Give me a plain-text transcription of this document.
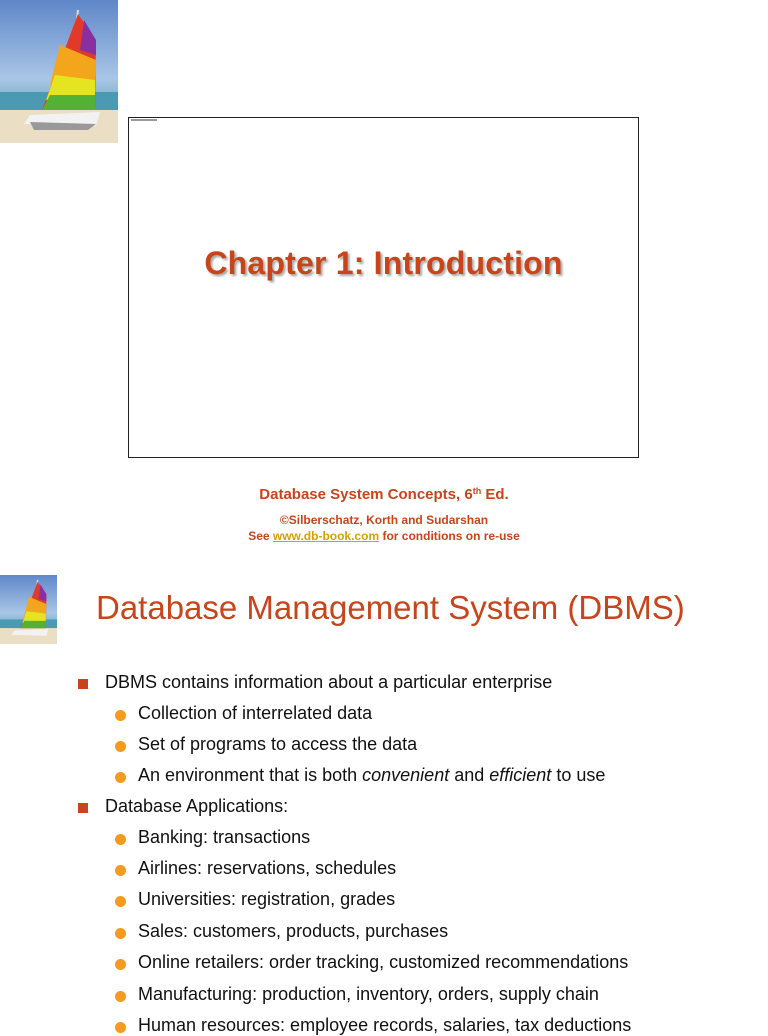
Chapter 1: Introduction
Database System Concepts, 6th Ed.
©Silberschatz, Korth and Sudarshan
See www.db-book.com for conditions on re-use
Database Management System (DBMS)
DBMS contains information about a particular enterprise
Collection of interrelated data
Set of programs to access the data
An environment that is both convenient and efficient to use
Database Applications:
Banking: transactions
Airlines: reservations, schedules
Universities: registration, grades
Sales: customers, products, purchases
Online retailers: order tracking, customized recommendations
Manufacturing: production, inventory, orders, supply chain
Human resources: employee records, salaries, tax deductions
